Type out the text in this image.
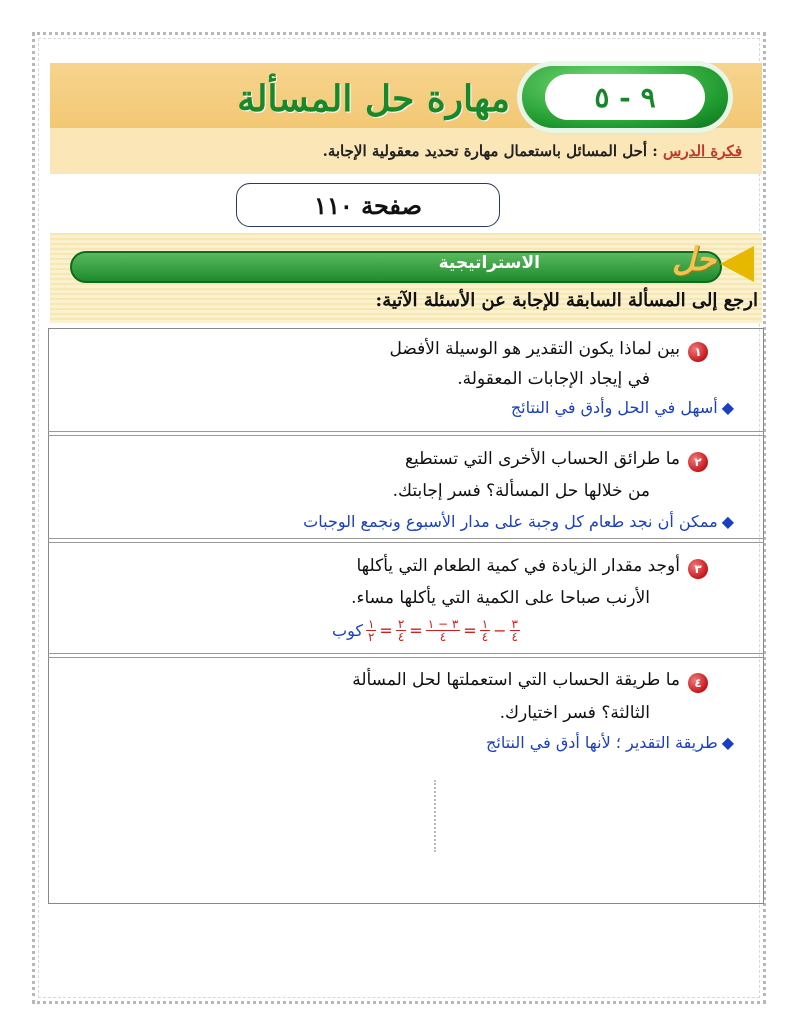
٩ - ٥
مهارة حل المسألة
فكرة الدرس : أحل المسائل باستعمال مهارة تحديد معقولية الإجابة.
صفحة ١١٠
الاستراتيجية	حل
ارجع إلى المسألة السابقة للإجابة عن الأسئلة الآتية:
١
بين لماذا يكون التقدير هو الوسيلة الأفضل
في إيجاد الإجابات المعقولة.
◆أسهل في الحل وأدق في النتائج
٢
ما طرائق الحساب الأخرى التي تستطيع
من خلالها حل المسألة؟ فسر إجابتك.
◆ممكن أن نجد طعام كل وجبة على مدار الأسبوع ونجمع الوجبات
٣
أوجد مقدار الزيادة في كمية الطعام التي يأكلها
الأرنب صباحا على الكمية التي يأكلها مساء.
$\frac{٣}{٤}$
−
$\frac{١}{٤}$
=
$\frac{٣ - ١}{٤}$
=
$\frac{٢}{٤}$
=
$\frac{١}{٢}$
كوب
٤
ما طريقة الحساب التي استعملتها لحل المسألة
الثالثة؟ فسر اختيارك.
◆طريقة التقدير ؛ لأنها أدق في النتائج
